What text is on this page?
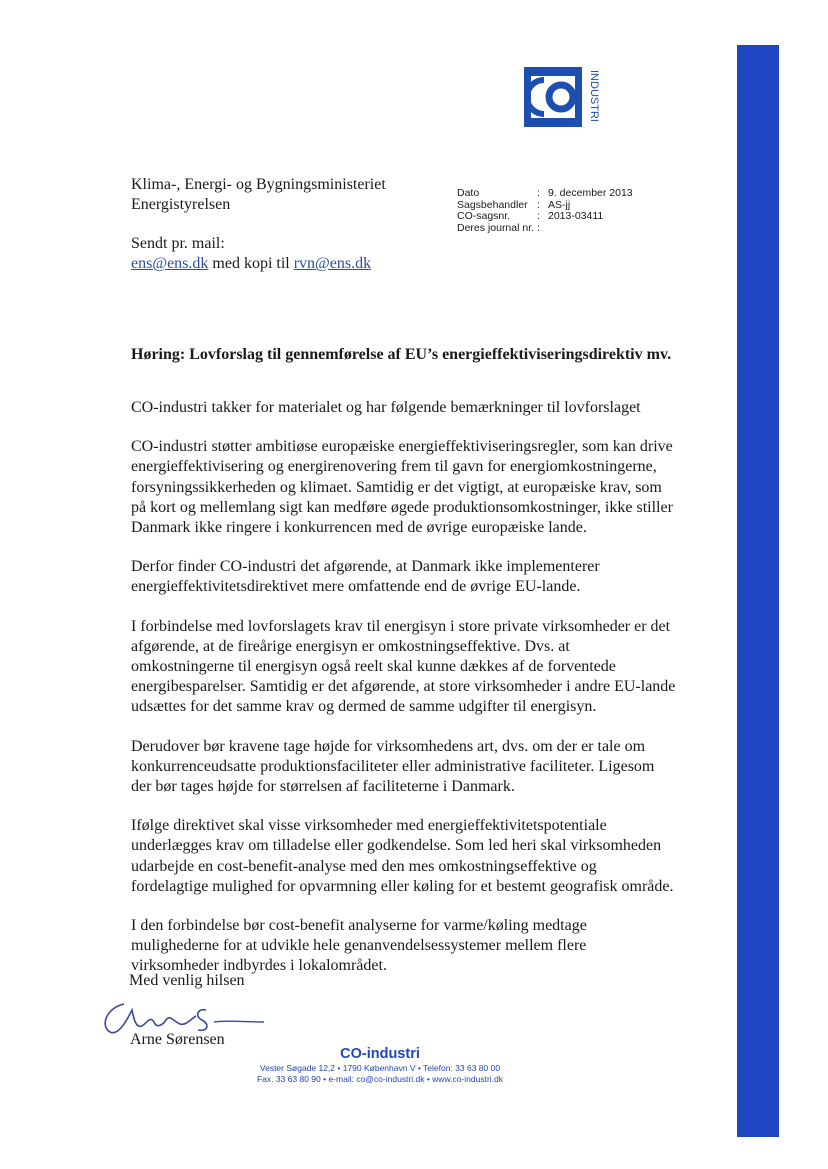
INDUSTRI
Klima-, Energi- og Bygningsministeriet
Energistyrelsen
Sendt pr. mail:
ens@ens.dk med kopi til rvn@ens.dk
Dato	: 9. december 2013
Sagsbehandler : AS-jj
CO-sagsnr.	: 2013-03411
Deres journal nr. :
Høring: Lovforslag til gennemførelse af EU’s energieffektiviseringsdirektiv mv.

CO-industri takker for materialet og har følgende bemærkninger til lovforslaget

CO-industri støtter ambitiøse europæiske energieffektiviseringsregler, som kan drive energieffektivisering og energirenovering frem til gavn for energiomkostningerne, forsyningssikkerheden og klimaet. Samtidig er det vigtigt, at europæiske krav, som på kort og mellemlang sigt kan medføre øgede produktionsomkostninger, ikke stiller Danmark ikke ringere i konkurrencen med de øvrige europæiske lande.

Derfor finder CO-industri det afgørende, at Danmark ikke implementerer energieffektivitetsdirektivet mere omfattende end de øvrige EU-lande.

I forbindelse med lovforslagets krav til energisyn i store private virksomheder er det afgørende, at de fireårige energisyn er omkostningseffektive. Dvs. at omkostningerne til energisyn også reelt skal kunne dækkes af de forventede energibesparelser. Samtidig er det afgørende, at store virksomheder i andre EU-lande udsættes for det samme krav og dermed de samme udgifter til energisyn.

Derudover bør kravene tage højde for virksomhedens art, dvs. om der er tale om konkurrenceudsatte produktionsfaciliteter eller administrative faciliteter. Ligesom der bør tages højde for størrelsen af faciliteterne i Danmark.

Ifølge direktivet skal visse virksomheder med energieffektivitetspotentiale underlægges krav om tilladelse eller godkendelse. Som led heri skal virksomheden udarbejde en cost-benefit-analyse med den mes omkostningseffektive og fordelagtige mulighed for opvarmning eller køling for et bestemt geografisk område.

I den forbindelse bør cost-benefit analyserne for varme/køling medtage mulighederne for at udvikle hele genanvendelsessystemer mellem flere virksomheder indbyrdes i lokalområdet.

Med venlig hilsen
Arne Sørensen
CO-industri
Vester Søgade 12,2 • 1790 København V • Telefon: 33 63 80 00
Fax. 33 63 80 90 • e-mail: co@co-industri.dk • www.co-industri.dk
